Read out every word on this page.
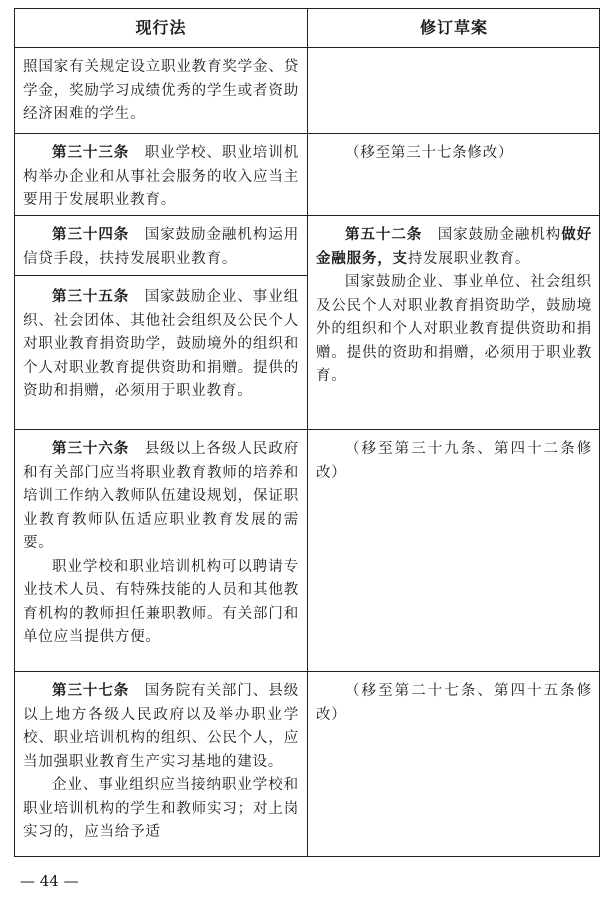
现行法	修订草案

照国家有关规定设立职业教育奖学金、贷学金，奖励学习成绩优秀的学生或者资助经济困难的学生。

第三十三条　 职业学校、职业培训机构举办企业和从事社会服务的收入应当主要用于发展职业教育。

（移至第三十七条修改）

第三十四条　 国家鼓励金融机构运用信贷手段，扶持发展职业教育。

第三十五条　 国家鼓励企业、事业组织、社会团体、其他社会组织及公民个人对职业教育捐资助学，鼓励境外的组织和个人对职业教育提供资助和捐赠。提供的资助和捐赠，必须用于职业教育。

第五十二条　 国家鼓励金融机构做好金融服务，支持发展职业教育。

国家鼓励企业、事业单位、社会组织及公民个人对职业教育捐资助学，鼓励境外的组织和个人对职业教育提供资助和捐赠。提供的资助和捐赠，必须用于职业教育。

第三十六条　 县级以上各级人民政府和有关部门应当将职业教育教师的培养和培训工作纳入教师队伍建设规划，保证职业教育教师队伍适应职业教育发展的需要。

职业学校和职业培训机构可以聘请专业技术人员、有特殊技能的人员和其他教育机构的教师担任兼职教师。有关部门和单位应当提供方便。

（移至第三十九条、第四十二条修改）

第三十七条　 国务院有关部门、县级以上地方各级人民政府以及举办职业学校、职业培训机构的组织、公民个人，应当加强职业教育生产实习基地的建设。

企业、事业组织应当接纳职业学校和职业培训机构的学生和教师实习；对上岗实习的，应当给予适

（移至第二十七条、第四十五条修改）

— 44 —
